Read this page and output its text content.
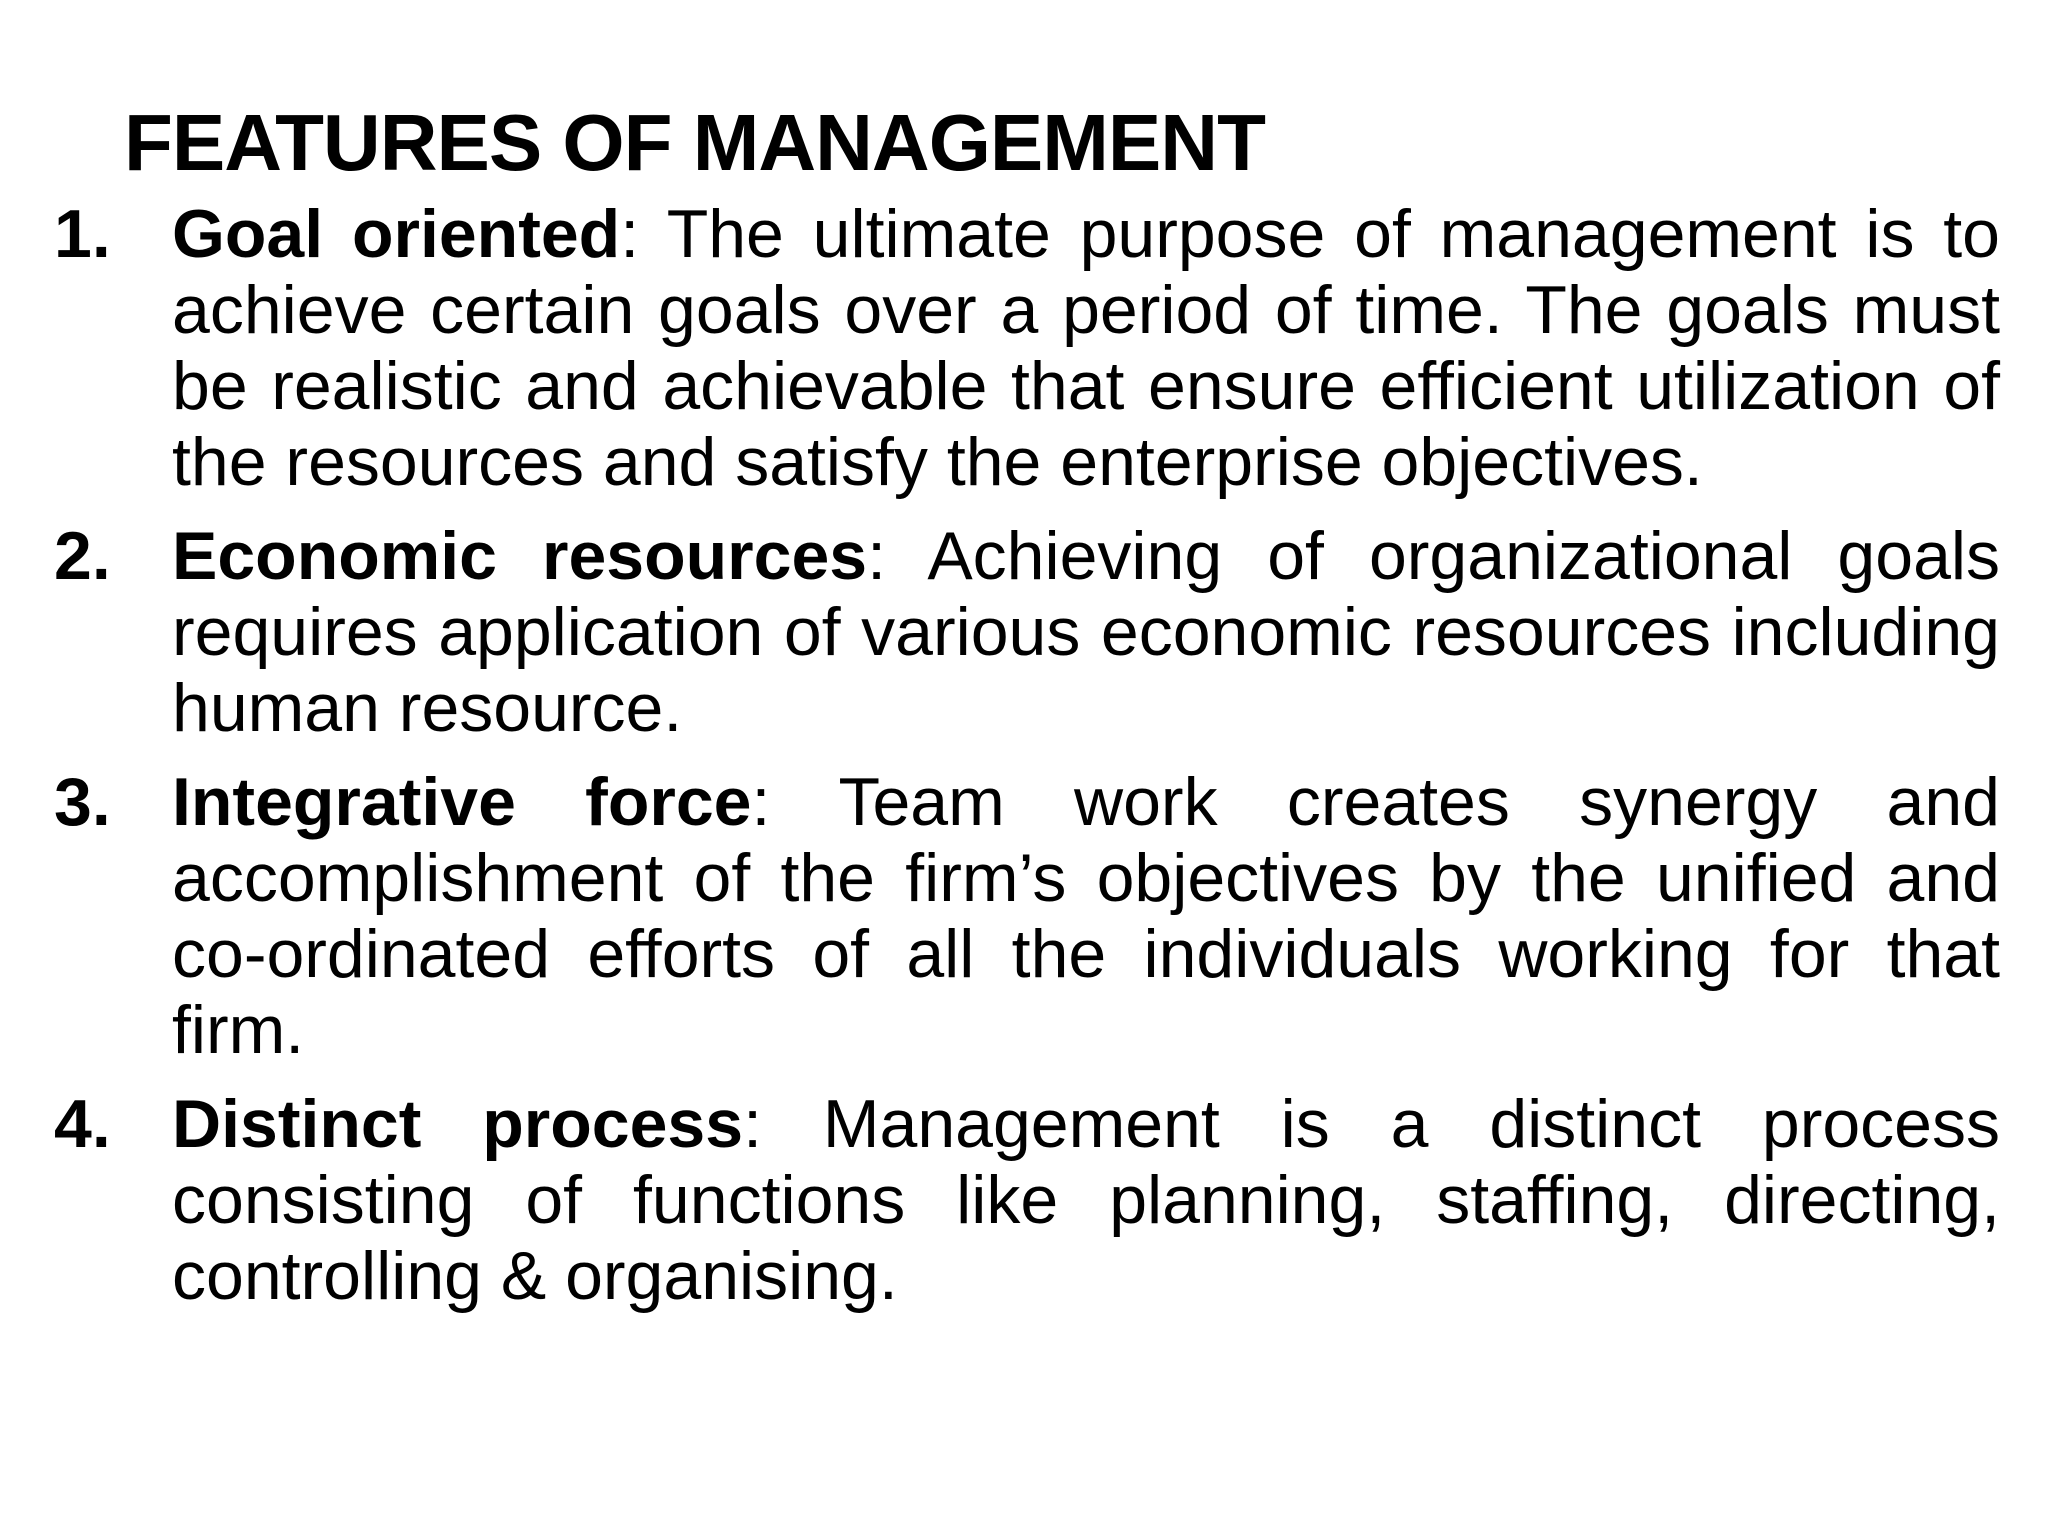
FEATURES OF MANAGEMENT
1. Goal oriented: The ultimate purpose of management is to achieve certain goals over a period of time. The goals must be realistic and achievable that ensure efficient utilization of the resources and satisfy the enterprise objectives.
2. Economic resources: Achieving of organizational goals requires application of various economic resources including human resource.
3. Integrative force: Team work creates synergy and accomplishment of the firm’s objectives by the unified and co-ordinated efforts of all the individuals working for that firm.
4. Distinct process: Management is a distinct process consisting of functions like planning, staffing, directing, controlling & organising.
